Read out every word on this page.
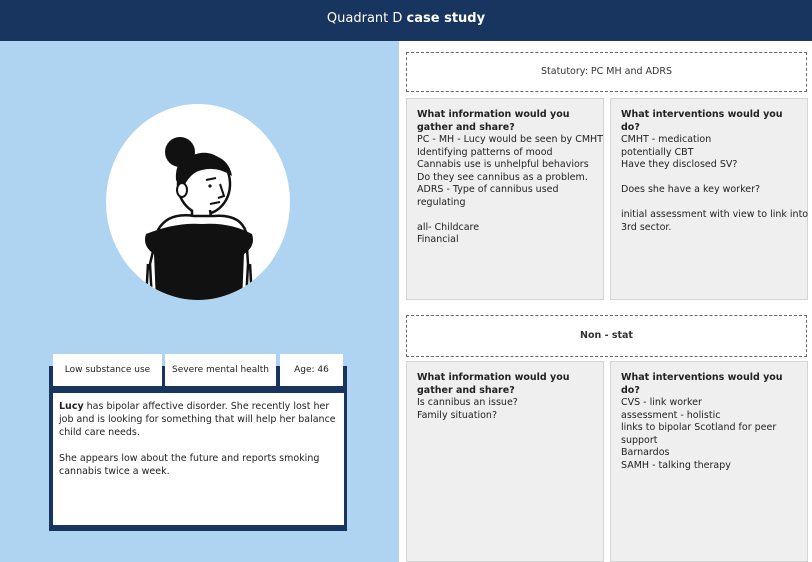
Quadrant D case study
Low substance use	Severe mental health	Age: 46

Lucy has bipolar affective disorder. She recently lost her job and is looking for something that will help her balance child care needs.

She appears low about the future and reports smoking cannabis twice a week.

Statutory: PC MH and ADRS
What information would you gather and share?
PC - MH - Lucy would be seen by CMHT
Identifying patterns of mood
Cannabis use is unhelpful behaviors
Do they see cannibus as a problem.
ADRS - Type of cannibus used
regulating
all- Childcare
Financial
What interventions would you do?
CMHT - medication
potentially CBT
Have they disclosed SV?
Does she have a key worker?
initial assessment with view to link into
3rd sector.
Non - stat
What information would you gather and share?
Is cannibus an issue?
Family situation?
What interventions would you do?
CVS - link worker
assessment - holistic
links to bipolar Scotland for peer
support
Barnardos
SAMH - talking therapy
